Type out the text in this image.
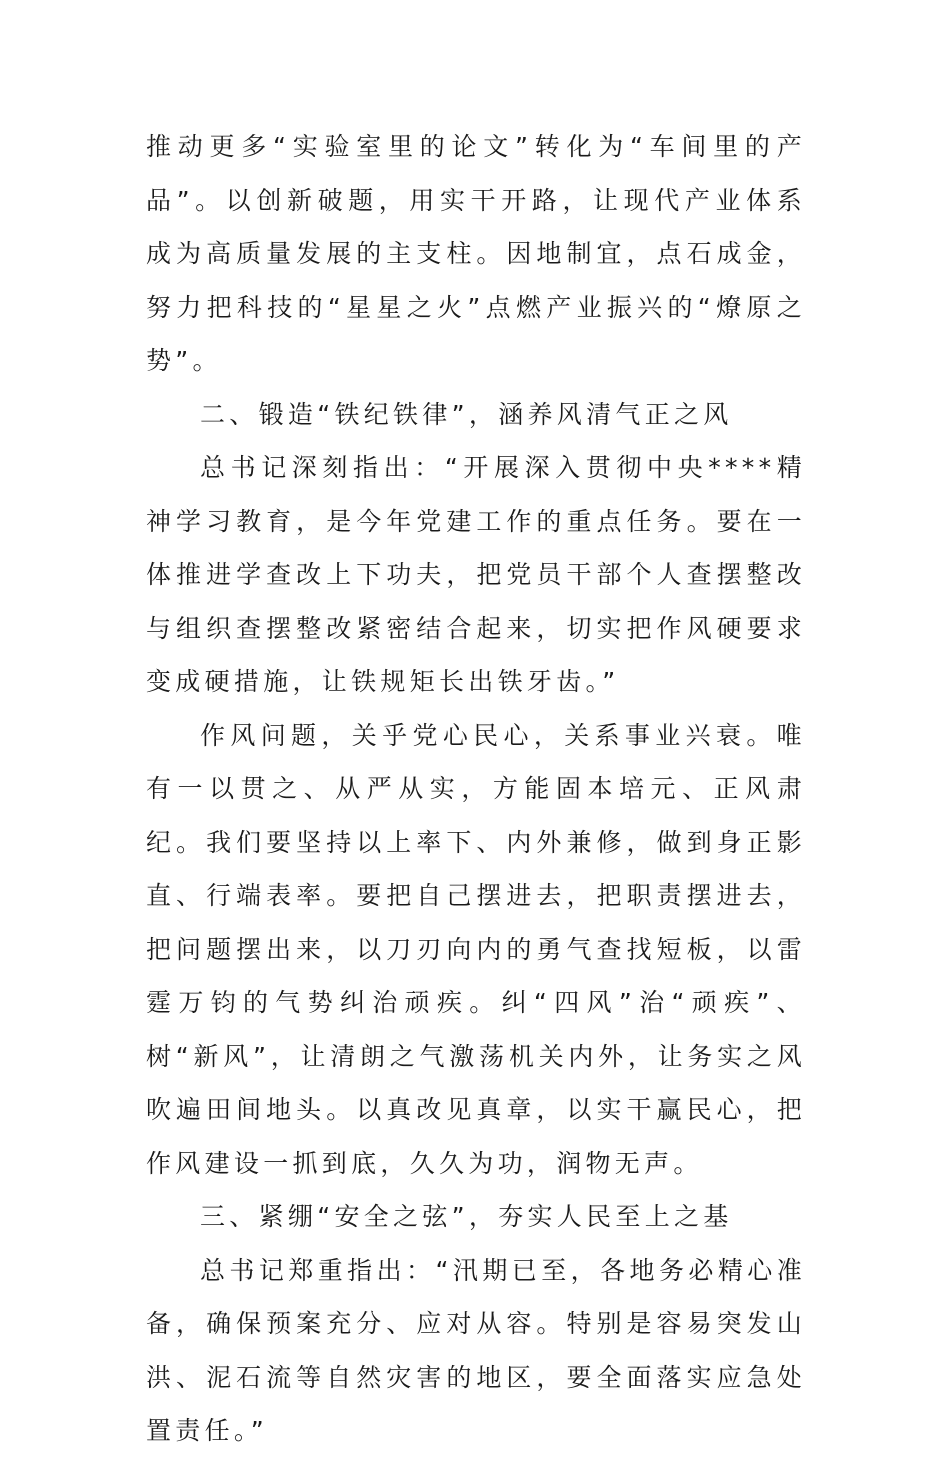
推动更多“实验室里的论文”转化为“车间里的产品”。以创新破题，用实干开路，让现代产业体系成为高质量发展的主支柱。因地制宜，点石成金，努力把科技的“星星之火”点燃产业振兴的“燎原之势”。

二、锻造“铁纪铁律”，涵养风清气正之风

总书记深刻指出：“开展深入贯彻中央****精神学习教育，是今年党建工作的重点任务。要在一体推进学查改上下功夫，把党员干部个人查摆整改与组织查摆整改紧密结合起来，切实把作风硬要求变成硬措施，让铁规矩长出铁牙齿。”

作风问题，关乎党心民心，关系事业兴衰。唯有一以贯之、从严从实，方能固本培元、正风肃纪。我们要坚持以上率下、内外兼修，做到身正影直、行端表率。要把自己摆进去，把职责摆进去，把问题摆出来，以刀刃向内的勇气查找短板，以雷霆万钧的气势纠治顽疾。纠“四风”治“顽疾”、树“新风”，让清朗之气激荡机关内外，让务实之风吹遍田间地头。以真改见真章，以实干赢民心，把作风建设一抓到底，久久为功，润物无声。

三、紧绷“安全之弦”，夯实人民至上之基

总书记郑重指出：“汛期已至，各地务必精心准备，确保预案充分、应对从容。特别是容易突发山洪、泥石流等自然灾害的地区，要全面落实应急处置责任。”
